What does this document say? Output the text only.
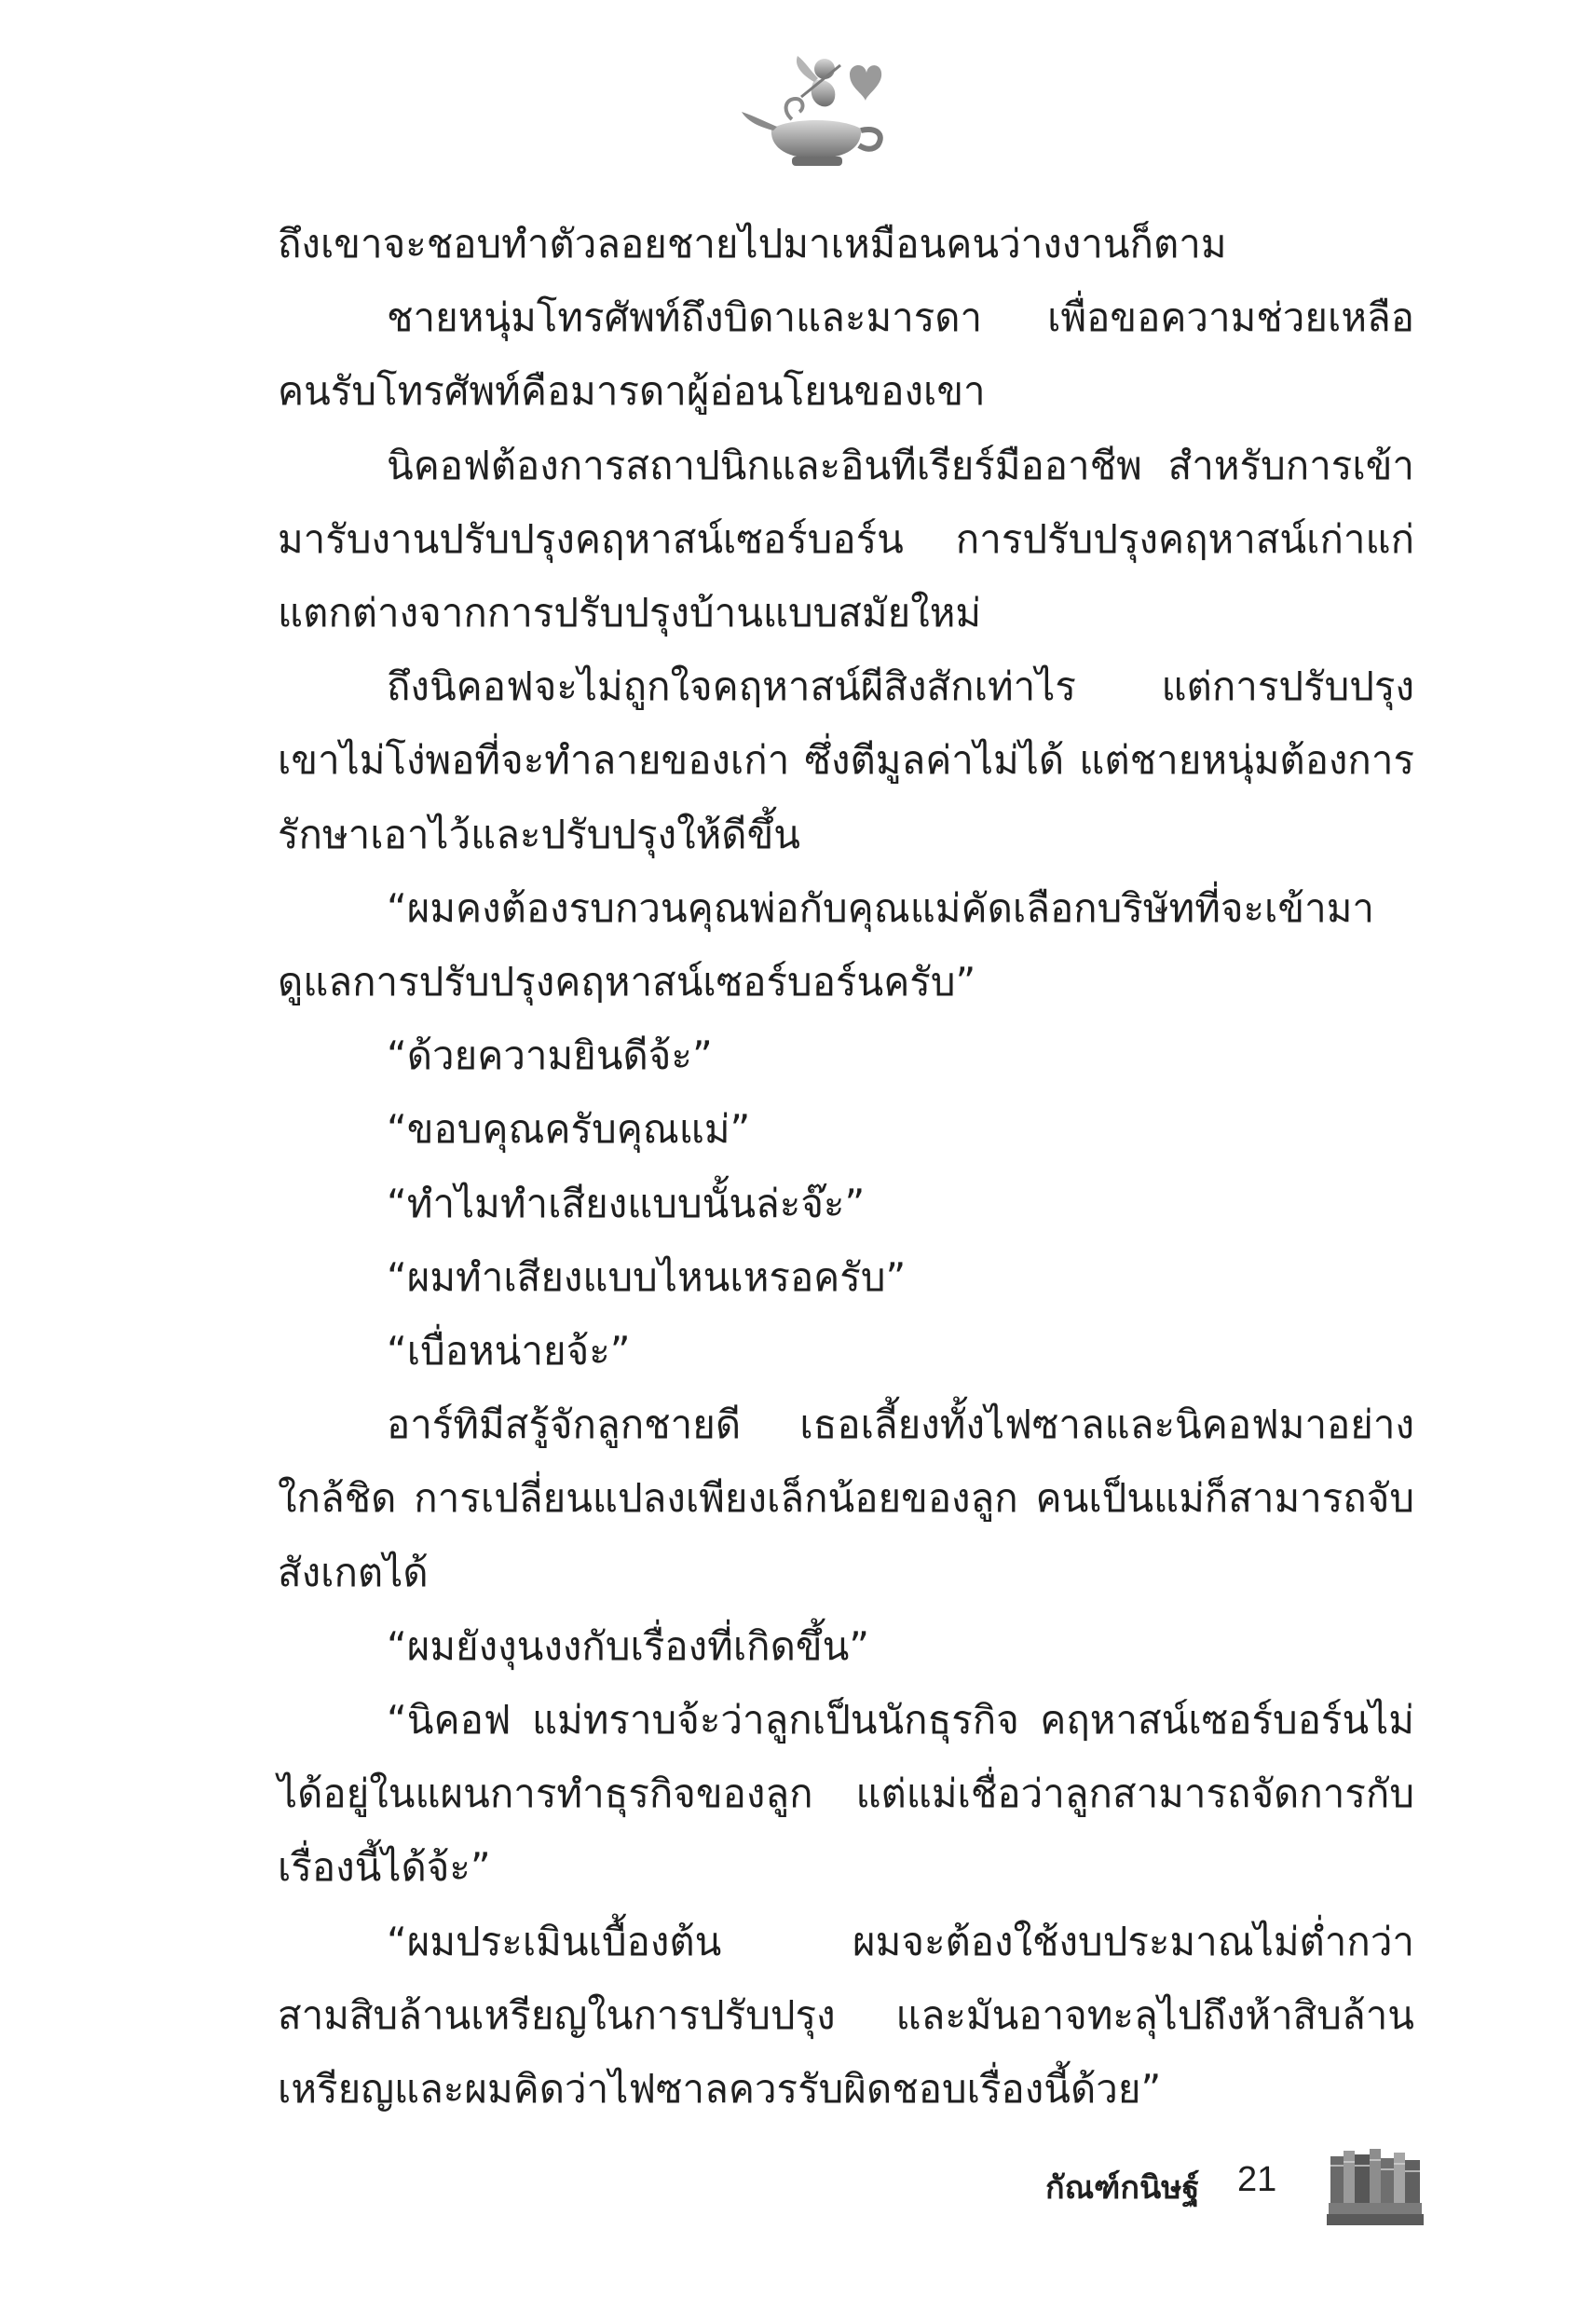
ถึงเขาจะชอบทำตัวลอยชายไปมาเหมือนคนว่างงานก็ตาม

ชายหนุ่มโทรศัพท์ถึงบิดาและมารดา เพื่อขอความช่วยเหลือ คนรับโทรศัพท์คือมารดาผู้อ่อนโยนของเขา

นิคอฟต้องการสถาปนิกและอินทีเรียร์มืออาชีพ สำหรับการเข้ามารับงานปรับปรุงคฤหาสน์เซอร์บอร์น การปรับปรุงคฤหาสน์เก่าแก่แตกต่างจากการปรับปรุงบ้านแบบสมัยใหม่

ถึงนิคอฟจะไม่ถูกใจคฤหาสน์ผีสิงสักเท่าไร แต่การปรับปรุง เขาไม่โง่พอที่จะทำลายของเก่า ซึ่งตีมูลค่าไม่ได้ แต่ชายหนุ่มต้องการรักษาเอาไว้และปรับปรุงให้ดีขึ้น

“ผมคงต้องรบกวนคุณพ่อกับคุณแม่คัดเลือกบริษัทที่จะเข้ามาดูแลการปรับปรุงคฤหาสน์เซอร์บอร์นครับ”

“ด้วยความยินดีจ้ะ”

“ขอบคุณครับคุณแม่”

“ทำไมทำเสียงแบบนั้นล่ะจ๊ะ”

“ผมทำเสียงแบบไหนเหรอครับ”

“เบื่อหน่ายจ้ะ”

อาร์ทิมีสรู้จักลูกชายดี เธอเลี้ยงทั้งไฟซาลและนิคอฟมาอย่างใกล้ชิด การเปลี่ยนแปลงเพียงเล็กน้อยของลูก คนเป็นแม่ก็สามารถจับสังเกตได้

“ผมยังงุนงงกับเรื่องที่เกิดขึ้น”

“นิคอฟ แม่ทราบจ้ะว่าลูกเป็นนักธุรกิจ คฤหาสน์เซอร์บอร์นไม่ได้อยู่ในแผนการทำธุรกิจของลูก แต่แม่เชื่อว่าลูกสามารถจัดการกับเรื่องนี้ได้จ้ะ”

“ผมประเมินเบื้องต้น ผมจะต้องใช้งบประมาณไม่ต่ำกว่าสามสิบล้านเหรียญในการปรับปรุง และมันอาจทะลุไปถึงห้าสิบล้านเหรียญและผมคิดว่าไฟซาลควรรับผิดชอบเรื่องนี้ด้วย”

กัณฑ์กนิษฐ์ 21
